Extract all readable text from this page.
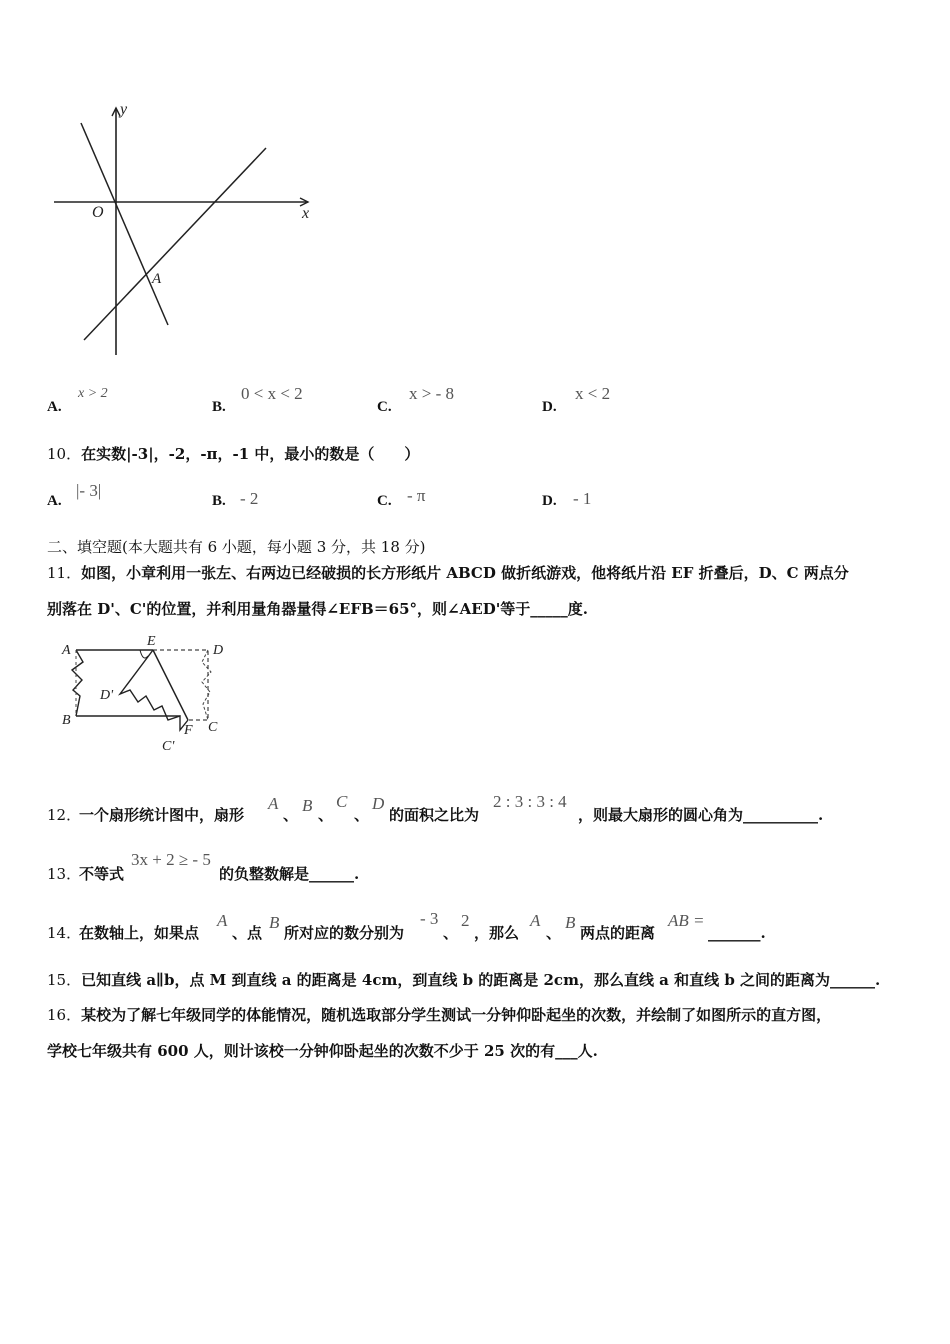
y
x
O
A
A.
x > 2
B.
0 < x < 2
C.
x > - 8
D.
x < 2
10．在实数|-3|，-2，-π，-1 中，最小的数是（　　）
A.
|- 3|
B. - 2	C. - π	D. - 1
二、填空题(本大题共有 6 小题，每小题 3 分，共 18 分)
11．如图，小章利用一张左、右两边已经破损的长方形纸片 ABCD 做折纸游戏，他将纸片沿 EF 折叠后，D、C 两点分
别落在 D'、C'的位置，并利用量角器量得∠EFB＝65°，则∠AED'等于_____度.
A
E
D
D'
B
F C
C'
12．
一个扇形统计图中，扇形
A
、 B 、
C
、
D
的面积之比为
2 : 3 : 3 : 4
，则最大扇形的圆心角为__________.
13．
不等式
3x + 2 ≥ - 5
的负整数解是______.
14．
在数轴上，如果点
A
、点
B
所对应的数分别为
- 3
、
2
，那么
A
、
B
两点的距离
AB =
_______.
15．已知直线 a∥b，点 M 到直线 a 的距离是 4cm，到直线 b 的距离是 2cm，那么直线 a 和直线 b 之间的距离为______.
16．某校为了解七年级同学的体能情况，随机选取部分学生测试一分钟仰卧起坐的次数，并绘制了如图所示的直方图，
学校七年级共有 600 人，则计该校一分钟仰卧起坐的次数不少于 25 次的有___人.
